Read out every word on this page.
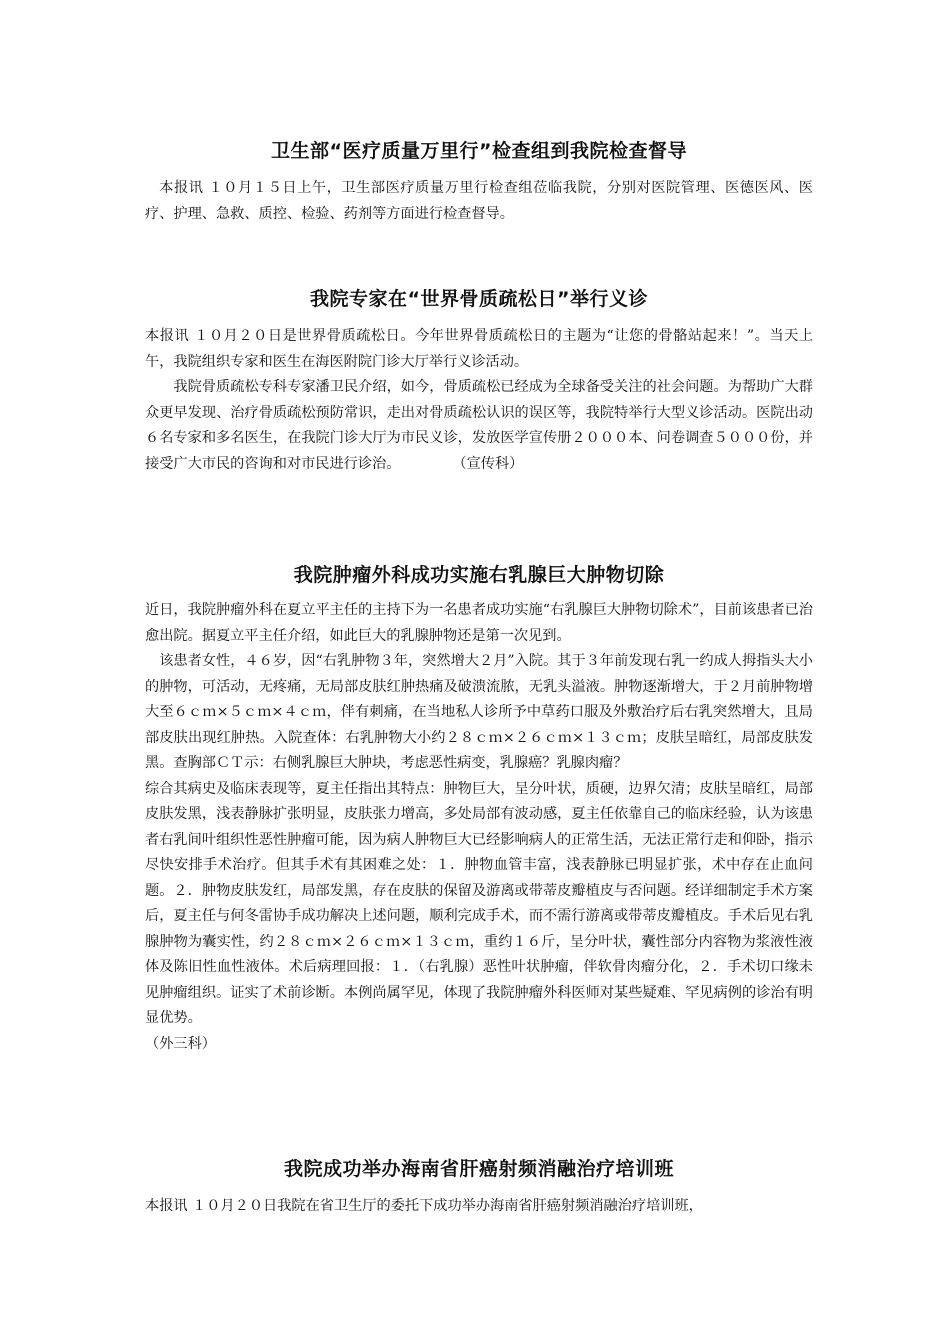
卫生部“医疗质量万里行”检查组到我院检查督导

本报讯 １０月１５日上午，卫生部医疗质量万里行检查组莅临我院，分别对医院管理、医德医风、医疗、护理、急救、质控、检验、药剂等方面进行检查督导。

我院专家在“世界骨质疏松日”举行义诊

本报讯 １０月２０日是世界骨质疏松日。今年世界骨质疏松日的主题为“让您的骨骼站起来！”。当天上午，我院组织专家和医生在海医附院门诊大厅举行义诊活动。

我院骨质疏松专科专家潘卫民介绍，如今，骨质疏松已经成为全球备受关注的社会问题。为帮助广大群众更早发现、治疗骨质疏松预防常识，走出对骨质疏松认识的误区等，我院特举行大型义诊活动。医院出动６名专家和多名医生，在我院门诊大厅为市民义诊，发放医学宣传册２０００本、问卷调查５０００份，并接受广大市民的咨询和对市民进行诊治。	（宣传科）

我院肿瘤外科成功实施右乳腺巨大肿物切除

近日，我院肿瘤外科在夏立平主任的主持下为一名患者成功实施“右乳腺巨大肿物切除术”，目前该患者已治愈出院。据夏立平主任介绍，如此巨大的乳腺肿物还是第一次见到。

该患者女性，４６岁，因“右乳肿物３年，突然增大２月”入院。其于３年前发现右乳一约成人拇指头大小的肿物，可活动，无疼痛，无局部皮肤红肿热痛及破溃流脓，无乳头溢液。肿物逐渐增大，于２月前肿物增大至６ｃｍ×５ｃｍ×４ｃｍ，伴有刺痛，在当地私人诊所予中草药口服及外敷治疗后右乳突然增大，且局部皮肤出现红肿热。入院查体：右乳肿物大小约２８ｃｍ×２６ｃｍ×１３ｃｍ；皮肤呈暗红，局部皮肤发黑。查胸部ＣＴ示：右侧乳腺巨大肿块，考虑恶性病变，乳腺癌？乳腺肉瘤？

综合其病史及临床表现等，夏主任指出其特点：肿物巨大，呈分叶状，质硬，边界欠清；皮肤呈暗红，局部皮肤发黑，浅表静脉扩张明显，皮肤张力增高，多处局部有波动感，夏主任依靠自己的临床经验，认为该患者右乳间叶组织性恶性肿瘤可能，因为病人肿物巨大已经影响病人的正常生活，无法正常行走和仰卧，指示尽快安排手术治疗。但其手术有其困难之处：１．肿物血管丰富，浅表静脉已明显扩张，术中存在止血问题。２．肿物皮肤发红，局部发黑，存在皮肤的保留及游离或带蒂皮瓣植皮与否问题。经详细制定手术方案后，夏主任与何冬雷协手成功解决上述问题，顺利完成手术，而不需行游离或带蒂皮瓣植皮。手术后见右乳腺肿物为囊实性，约２８ｃｍ×２６ｃｍ×１３ｃｍ，重约１６斤，呈分叶状，囊性部分内容物为浆液性液体及陈旧性血性液体。术后病理回报：１．（右乳腺）恶性叶状肿瘤，伴软骨肉瘤分化，２．手术切口缘未见肿瘤组织。证实了术前诊断。本例尚属罕见，体现了我院肿瘤外科医师对某些疑难、罕见病例的诊治有明显优势。

（外三科）

我院成功举办海南省肝癌射频消融治疗培训班

本报讯 １０月２０日我院在省卫生厅的委托下成功举办海南省肝癌射频消融治疗培训班，
